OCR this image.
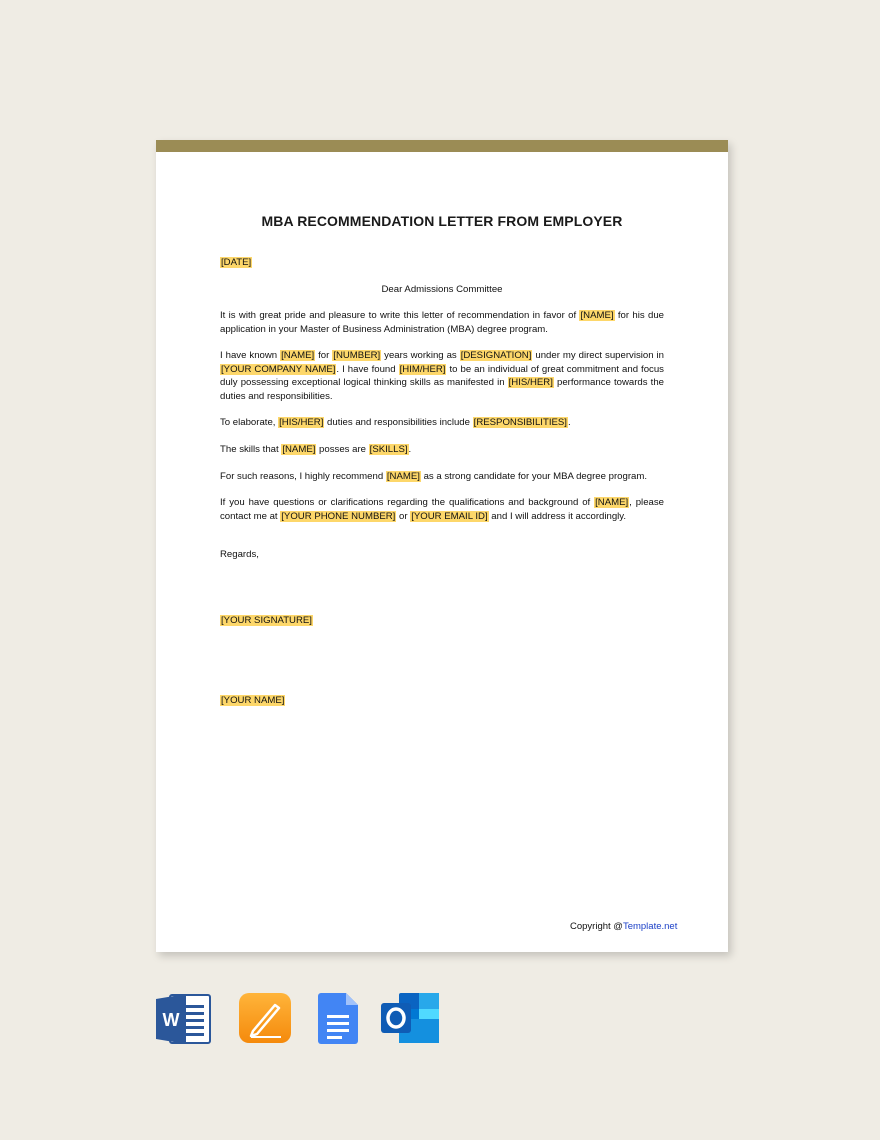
MBA RECOMMENDATION LETTER FROM EMPLOYER
[DATE]
Dear Admissions Committee
It is with great pride and pleasure to write this letter of recommendation in favor of [NAME] for his due application in your Master of Business Administration (MBA) degree program.
I have known [NAME] for [NUMBER] years working as [DESIGNATION] under my direct supervision in [YOUR COMPANY NAME]. I have found [HIM/HER] to be an individual of great commitment and focus duly possessing exceptional logical thinking skills as manifested in [HIS/HER] performance towards the duties and responsibilities.
To elaborate, [HIS/HER] duties and responsibilities include [RESPONSIBILITIES].
The skills that [NAME] posses are [SKILLS].
For such reasons, I highly recommend [NAME] as a strong candidate for your MBA degree program.
If you have questions or clarifications regarding the qualifications and background of [NAME], please contact me at [YOUR PHONE NUMBER] or [YOUR EMAIL ID] and I will address it accordingly.
Regards,
[YOUR SIGNATURE]
[YOUR NAME]
Copyright @Template.net
W
